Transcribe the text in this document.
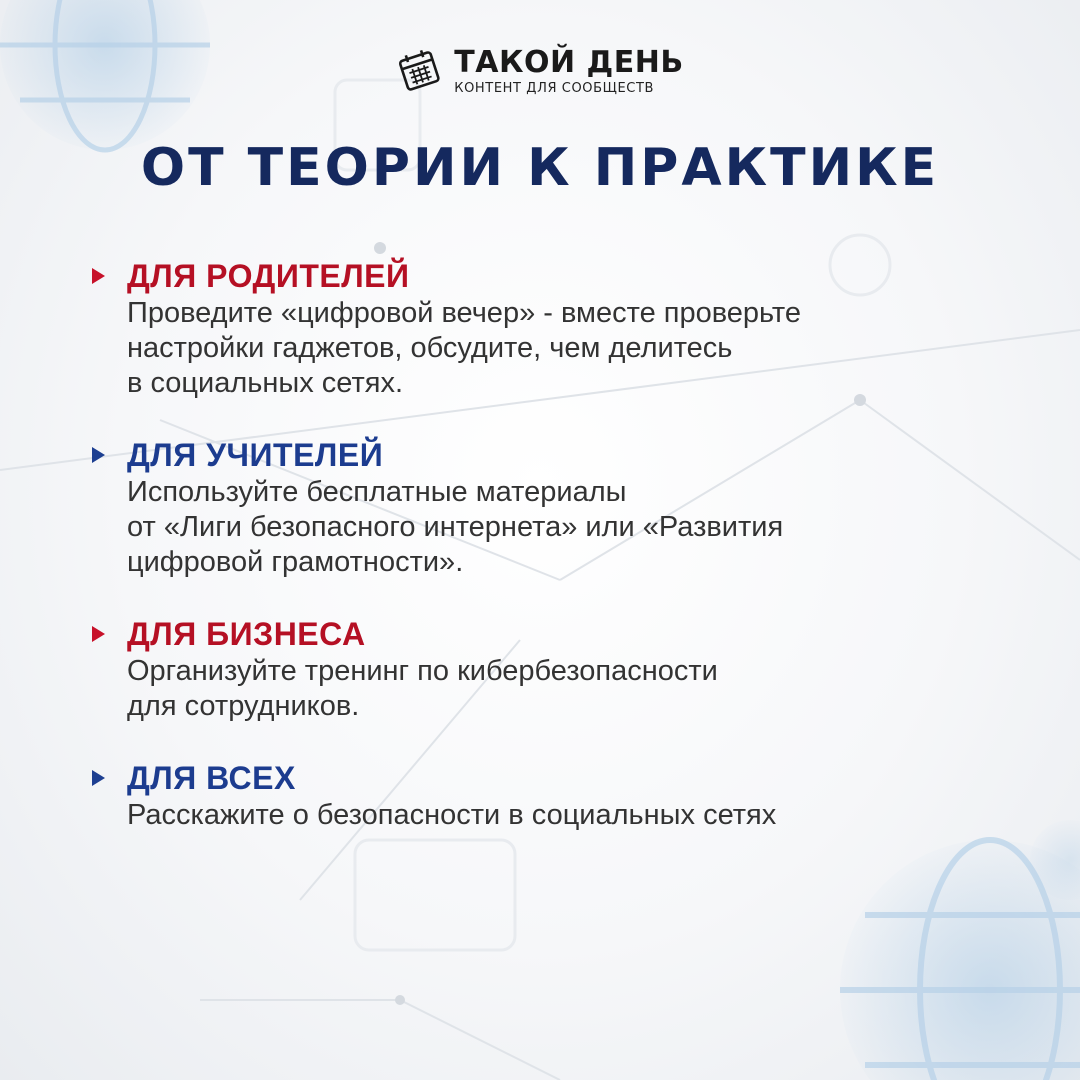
ТАКОЙ ДЕНЬ
КОНТЕНТ ДЛЯ СООБЩЕСТВ
ОТ ТЕОРИИ К ПРАКТИКЕ
ДЛЯ РОДИТЕЛЕЙ
Проведите «цифровой вечер» - вместе проверьте
настройки гаджетов, обсудите, чем делитесь
в социальных сетях.
ДЛЯ УЧИТЕЛЕЙ
Используйте бесплатные материалы
от «Лиги безопасного интернета» или «Развития
цифровой грамотности».
ДЛЯ БИЗНЕСА
Организуйте тренинг по кибербезопасности
для сотрудников.
ДЛЯ ВСЕХ
Расскажите о безопасности в социальных сетях
